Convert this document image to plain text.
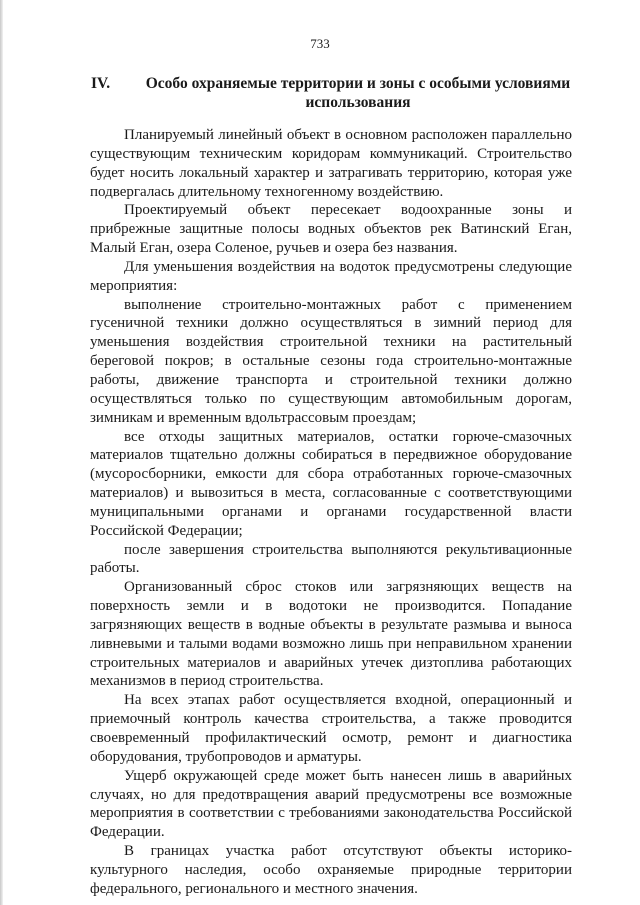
733
IV. Особо охраняемые территории и зоны с особыми условиями использования

Планируемый линейный объект в основном расположен параллельно существующим техническим коридорам коммуникаций. Строительство будет носить локальный характер и затрагивать территорию, которая уже подвергалась длительному техногенному воздействию.

Проектируемый объект пересекает водоохранные зоны и прибрежные защитные полосы водных объектов рек Ватинский Еган, Малый Еган, озера Соленое, ручьев и озера без названия.

Для уменьшения воздействия на водоток предусмотрены следующие мероприятия:

выполнение строительно-монтажных работ с применением гусеничной техники должно осуществляться в зимний период для уменьшения воздействия строительной техники на растительный береговой покров; в остальные сезоны года строительно-монтажные работы, движение транспорта и строительной техники должно осуществляться только по существующим автомобильным дорогам, зимникам и временным вдольтрассовым проездам;

все отходы защитных материалов, остатки горюче-смазочных материалов тщательно должны собираться в передвижное оборудование (мусоросборники, емкости для сбора отработанных горюче-смазочных материалов) и вывозиться в места, согласованные с соответствующими муниципальными органами и органами государственной власти Российской Федерации;

после завершения строительства выполняются рекультивационные работы.

Организованный сброс стоков или загрязняющих веществ на поверхность земли и в водотоки не производится. Попадание загрязняющих веществ в водные объекты в результате размыва и выноса ливневыми и талыми водами возможно лишь при неправильном хранении строительных материалов и аварийных утечек дизтоплива работающих механизмов в период строительства.

На всех этапах работ осуществляется входной, операционный и приемочный контроль качества строительства, а также проводится своевременный профилактический осмотр, ремонт и диагностика оборудования, трубопроводов и арматуры.

Ущерб окружающей среде может быть нанесен лишь в аварийных случаях, но для предотвращения аварий предусмотрены все возможные мероприятия в соответствии с требованиями законодательства Российской Федерации.

В границах участка работ отсутствуют объекты историко-культурного наследия, особо охраняемые природные территории федерального, регионального и местного значения.
